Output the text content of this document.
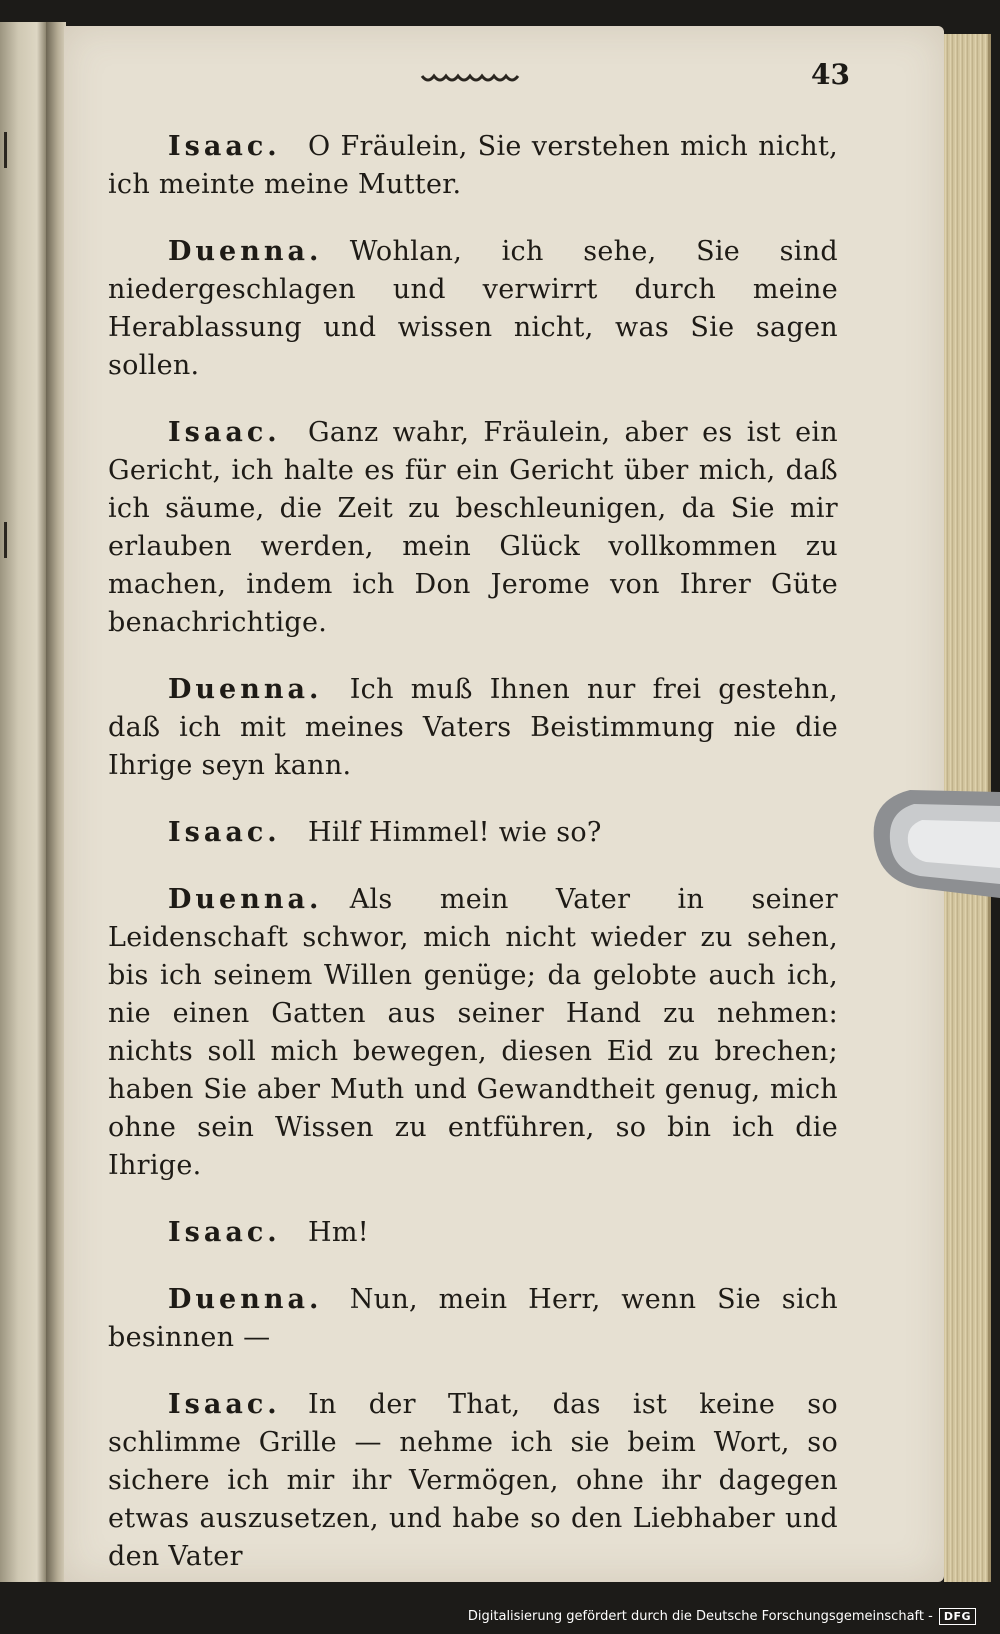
43

Isaac.  O Fräulein, Sie verstehen mich nicht, ich meinte meine Mutter.

Duenna.  Wohlan, ich sehe, Sie sind niedergeschlagen und verwirrt durch meine Herablassung und wissen nicht, was Sie sagen sollen.

Isaac.  Ganz wahr, Fräulein, aber es ist ein Gericht, ich halte es für ein Gericht über mich, daß ich säume, die Zeit zu beschleunigen, da Sie mir erlauben werden, mein Glück vollkommen zu machen, indem ich Don Jerome von Ihrer Güte benachrichtige.

Duenna.  Ich muß Ihnen nur frei gestehn, daß ich mit meines Vaters Beistimmung nie die Ihrige seyn kann.

Isaac.  Hilf Himmel! wie so?

Duenna.  Als mein Vater in seiner Leidenschaft schwor, mich nicht wieder zu sehen, bis ich seinem Willen genüge; da gelobte auch ich, nie einen Gatten aus seiner Hand zu nehmen: nichts soll mich bewegen, diesen Eid zu brechen; haben Sie aber Muth und Gewandtheit genug, mich ohne sein Wissen zu entführen, so bin ich die Ihrige.

Isaac.  Hm!

Duenna.  Nun, mein Herr, wenn Sie sich besinnen —

Isaac.  In der That, das ist keine so schlimme Grille — nehme ich sie beim Wort, so sichere ich mir ihr Vermögen, ohne ihr dagegen etwas auszusetzen, und habe so den Liebhaber und den Vater

Digitalisierung gefördert durch die Deutsche Forschungsgemeinschaft -	DFG
